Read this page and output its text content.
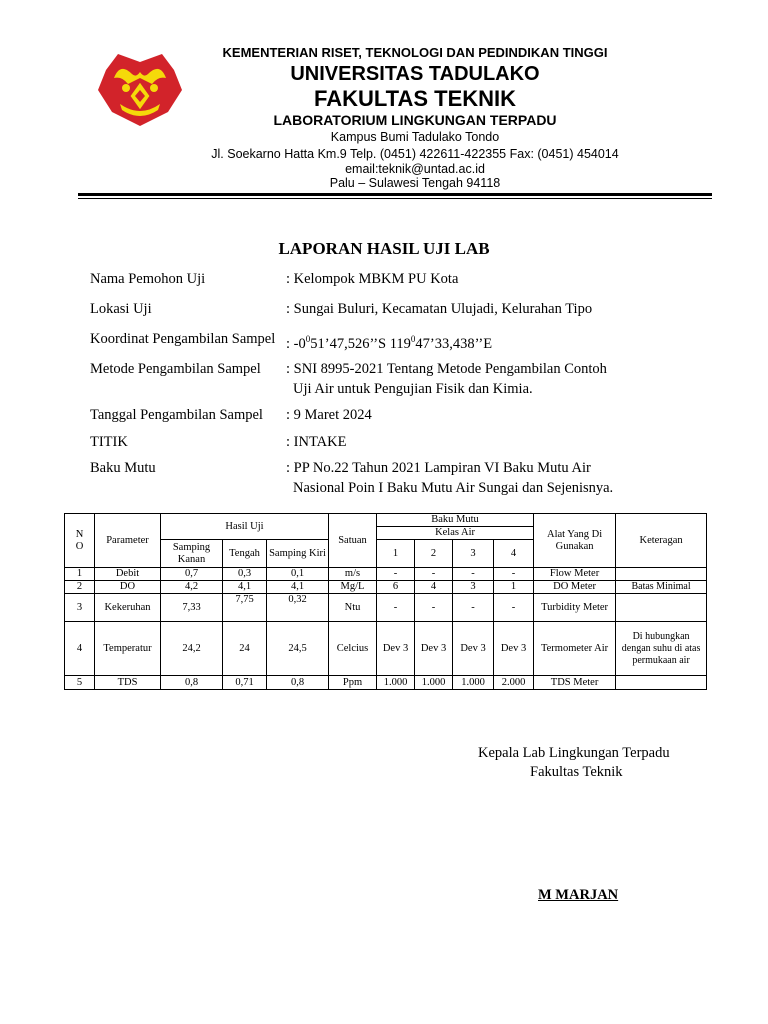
KEMENTERIAN RISET, TEKNOLOGI DAN PEDINDIKAN TINGGI
UNIVERSITAS TADULAKO
FAKULTAS TEKNIK
LABORATORIUM LINGKUNGAN TERPADU
Kampus Bumi Tadulako Tondo
Jl. Soekarno Hatta Km.9 Telp. (0451) 422611-422355 Fax: (0451) 454014
email:teknik@untad.ac.id
Palu – Sulawesi Tengah 94118
LAPORAN HASIL UJI LAB
Nama Pemohon Uji	: Kelompok MBKM PU Kota
Lokasi Uji	: Sungai Buluri, Kecamatan Ulujadi, Kelurahan Tipo
Koordinat Pengambilan Sampel : $-0^051’47,526’’S$ $119^047’33,438’’E$
Metode Pengambilan Sampel : SNI 8995-2021 Tentang Metode Pengambilan Contoh
Uji Air untuk Pengujian Fisik dan Kimia.
Tanggal Pengambilan Sampel : 9 Maret 2024
TITIK	: INTAKE
Baku Mutu	: PP No.22 Tahun 2021 Lampiran VI Baku Mutu Air
Nasional Poin I Baku Mutu Air Sungai dan Sejenisnya.
N
O	Parameter	Hasil Uji			Satuan	Baku Mutu				Alat Yang Di Gunakan	Keteragan
						Kelas Air					
		Samping Kanan	Tengah	Samping Kiri		1	2	3	4		
1	Debit	0,7	0,3	0,1	m/s	-	-	-	-	Flow Meter	
2	DO	4,2	4,1	4,1	Mg/L	6	4	3	1	DO Meter	Batas Minimal
3	Kekeruhan	7,33	7,75	0,32	Ntu	-	-	-	-	Turbidity Meter	
4	Temperatur	24,2	24	24,5	Celcius	Dev 3	Dev 3	Dev 3	Dev 3	Termometer Air	Di hubungkan dengan suhu di atas permukaan air
5	TDS	0,8	0,71	0,8	Ppm	1.000	1.000	1.000	2.000	TDS Meter	
Kepala Lab Lingkungan Terpadu
Fakultas Teknik
M MARJAN
